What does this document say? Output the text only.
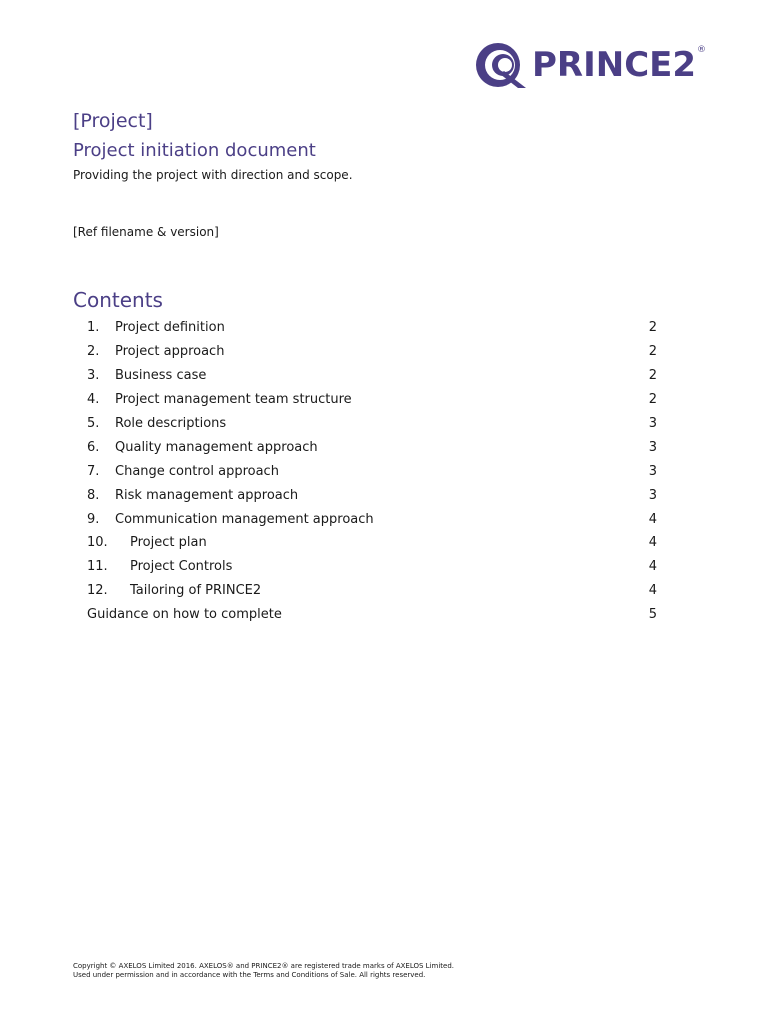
PRINCE2®
[Project]
Project initiation document
Providing the project with direction and scope.
[Ref filename & version]
Contents
1.	Project definition	2
2.	Project approach	2
3.	Business case	2
4.	Project management team structure	2
5.	Role descriptions	3
6.	Quality management approach	3
7.	Change control approach	3
8.	Risk management approach	3
9.	Communication management approach	4
10.	Project plan	4
11.	Project Controls	4
12.	Tailoring of PRINCE2	4
Guidance on how to complete	5
Copyright © AXELOS Limited 2016. AXELOS® and PRINCE2® are registered trade marks of AXELOS Limited.
Used under permission and in accordance with the Terms and Conditions of Sale. All rights reserved.
